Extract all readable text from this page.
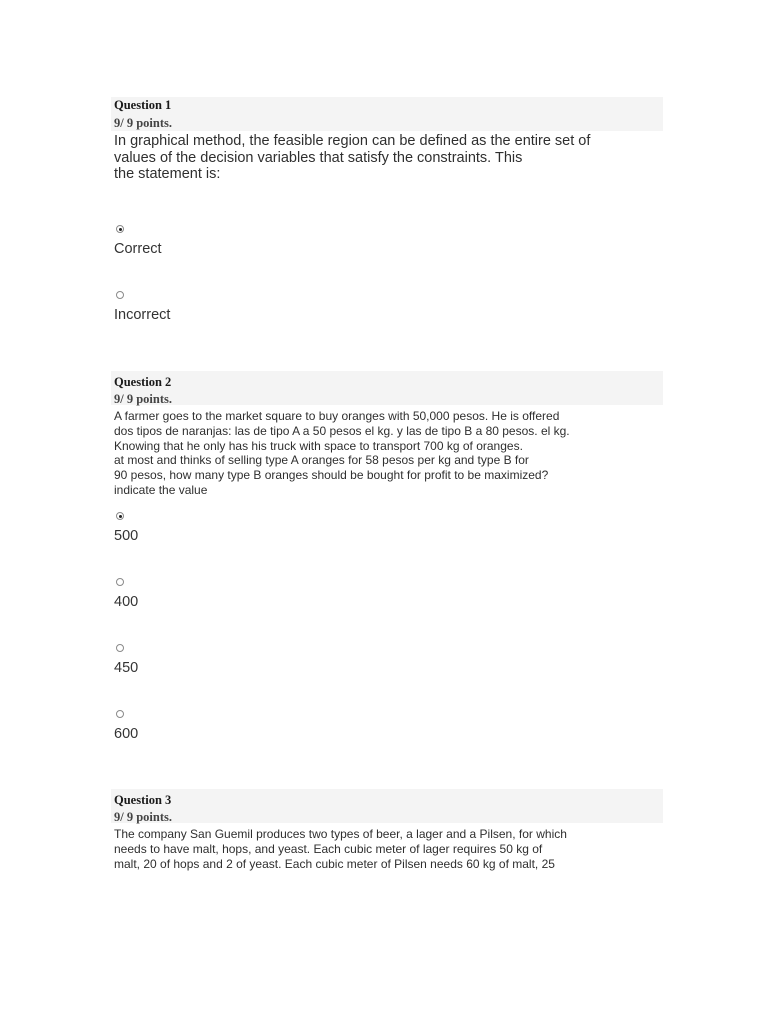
Question 1
9/ 9 points.
In graphical method, the feasible region can be defined as the entire set of
values of the decision variables that satisfy the constraints. This
the statement is:
Correct
Incorrect
Question 2
9/ 9 points.
A farmer goes to the market square to buy oranges with 50,000 pesos. He is offered
dos tipos de naranjas: las de tipo A a 50 pesos el kg. y las de tipo B a 80 pesos. el kg.
Knowing that he only has his truck with space to transport 700 kg of oranges.
at most and thinks of selling type A oranges for 58 pesos per kg and type B for
90 pesos, how many type B oranges should be bought for profit to be maximized?
indicate the value
500
400
450
600
Question 3
9/ 9 points.
The company San Guemil produces two types of beer, a lager and a Pilsen, for which
needs to have malt, hops, and yeast. Each cubic meter of lager requires 50 kg of
malt, 20 of hops and 2 of yeast. Each cubic meter of Pilsen needs 60 kg of malt, 25
